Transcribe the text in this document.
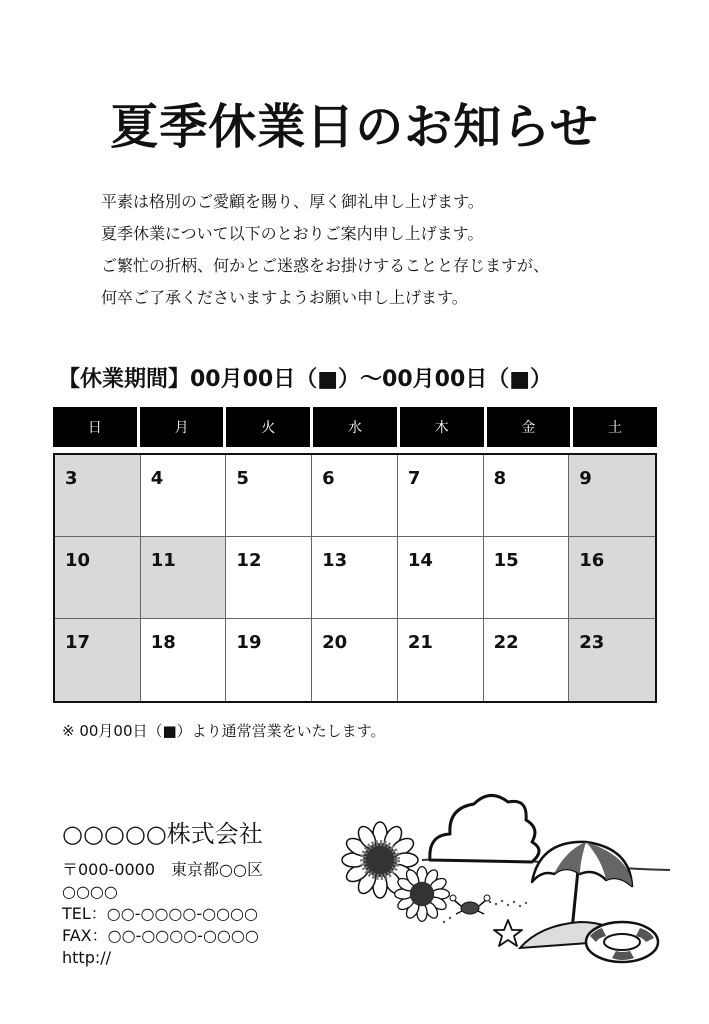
夏季休業日のお知らせ

平素は格別のご愛顧を賜り、厚く御礼申し上げます。

夏季休業について以下のとおりご案内申し上げます。

ご繁忙の折柄、何かとご迷惑をお掛けすることと存じますが、

何卒ご了承くださいますようお願い申し上げます。

【休業期間】00月00日（■）～00月00日（■）
日	月	火	水	木	金	土
3	4	5	6	7	8	9
10	11	12	13	14	15	16
17	18	19	20	21	22	23
※ 00月00日（■）より通常営業をいたします。
○○○○○株式会社
〒000-0000　東京都○○区
○○○○
TEL：○○-○○○○-○○○○
FAX：○○-○○○○-○○○○
http://
